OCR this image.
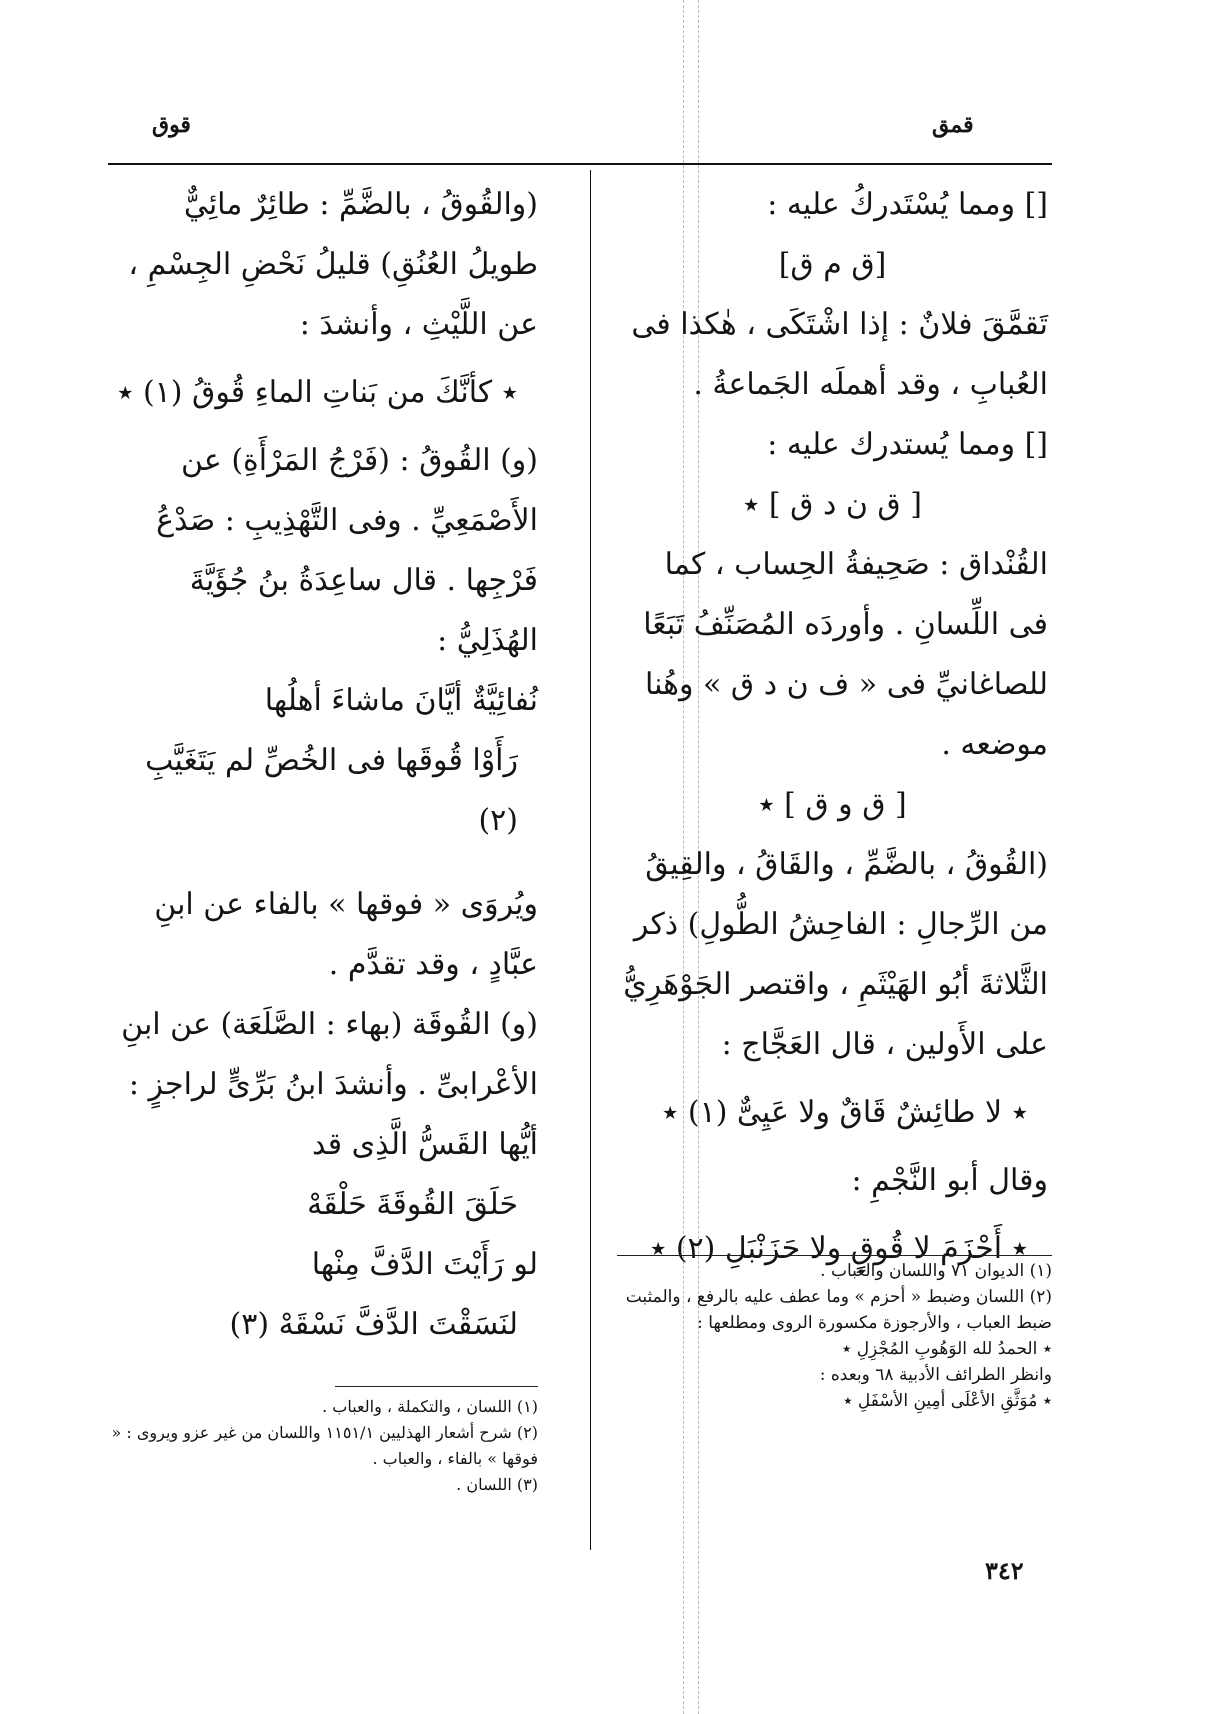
قمق
قوق

[] ومما يُسْتَدركُ عليه :

[ق م ق]

تَقمَّقَ فلانٌ : إذا اشْتَكَى ، هٰكذا فى العُبابِ ، وقد أهملَه الجَماعةُ .

[] ومما يُستدرك عليه :

[ ق ن د ق ] ٭

القُنْداق : صَحِيفةُ الحِساب ، كما فى اللِّسانِ . وأوردَه المُصَنِّفُ تَبَعًا للصاغانيِّ فى « ف ن د ق » وهُنا موضعه .

[ ق و ق ] ٭

(القُوقُ ، بالضَّمِّ ، والقَاقُ ، والقِيقُ من الرِّجالِ : الفاحِشُ الطُّولِ) ذكر الثَّلاثةَ أبُو الهَيْثَمِ ، واقتصر الجَوْهَرِيُّ على الأَولين ، قال العَجَّاج :

٭ لا طائِشٌ قَاقٌ ولا عَيِىٌّ (١) ٭

وقال أبو النَّجْمِ :

٭ أَحْزَمَ لا قُوقٍ ولا حَزَنْبَلِ (٢) ٭

(١) الديوان ٧١ واللسان والعباب .

(٢) اللسان وضبط « أحزم » وما عطف عليه بالرفع ، والمثبت ضبط العباب ، والأرجوزة مكسورة الروى ومطلعها :

٭ الحمدُ لله الوَهُوبِ المُجْزِلِ ٭

وانظر الطرائف الأدبية ٦٨ وبعده :

٭ مُوَثَّقِ الأعْلَى أمِينِ الأسْفَلِ ٭

(والقُوقُ ، بالضَّمِّ : طائِرٌ مائِيٌّ طويلُ العُنُقِ) قليلُ نَحْضِ الجِسْمِ ، عن اللَّيْثِ ، وأنشدَ :

٭ كأنَّكَ من بَناتِ الماءِ قُوقُ (١) ٭

(و) القُوقُ : (فَرْجُ المَرْأَةِ) عن الأَصْمَعِيِّ . وفى التَّهْذِيبِ : صَدْعُ فَرْجِها . قال ساعِدَةُ بنُ جُؤَيَّةَ الهُذَلِيُّ :

نُفائِيَّةٌ أيَّانَ ماشاءَ أهلُها

رَأَوْا قُوقَها فى الخُصِّ لم يَتَغَيَّبِ (٢)

ويُروَى « فوقها » بالفاء عن ابنِ عبَّادٍ ، وقد تقدَّم .

(و) القُوقَة (بهاء : الصَّلَعَة) عن ابنِ الأعْرابىِّ . وأنشدَ ابنُ بَرِّىٍّ لراجزٍ :

أيُّها القَسُّ الَّذِى قد

حَلَقَ القُوقَةَ حَلْقَهْ

لو رَأَيْتَ الدَّفَّ مِنْها

لنَسَقْتَ الدَّفَّ نَسْقَهْ (٣)

(١) اللسان ، والتكملة ، والعباب .

(٢) شرح أشعار الهذليين ١١٥١/١ واللسان من غير عزو ويروى : « فوقها » بالفاء ، والعباب .

(٣) اللسان .

٣٤٢
